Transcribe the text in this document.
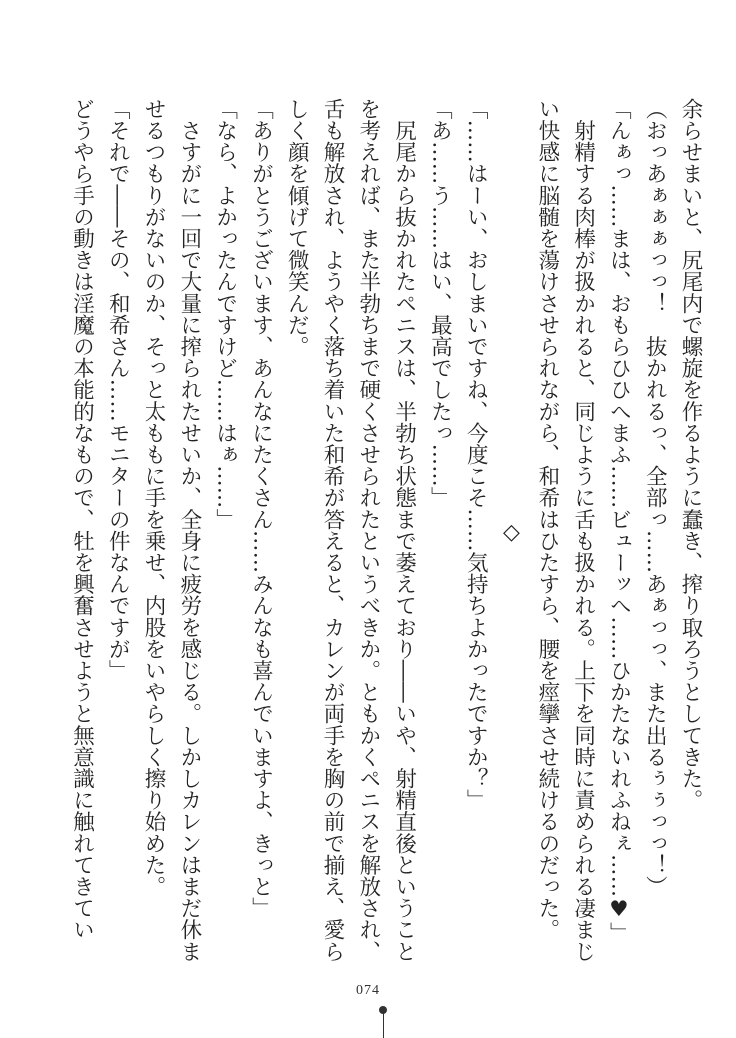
余らせまいと、尻尾内で螺旋を作るように蠢き、搾り取ろうとしてきた。
（おっあぁぁぁっっ！　抜かれるっ、全部っ……あぁっっ、また出るぅぅっっ！）
「んぁっ……まは、おもらひひへまふ……ビューッへ……ひかたないれふねぇ……♥」
　射精する肉棒が扱かれると、同じように舌も扱かれる。上下を同時に責められる凄まじ
い快感に脳髄を蕩けさせられながら、和希はひたすら、腰を痙攣させ続けるのだった。
◇
「……はーい、おしまいですね、今度こそ……気持ちよかったですか？」
「あ……う……はい、最高でしたっ……」
　尻尾から抜かれたペニスは、半勃ち状態まで萎えており――いや、射精直後ということ
を考えれば、また半勃ちまで硬くさせられたというべきか。ともかくペニスを解放され、
舌も解放され、ようやく落ち着いた和希が答えると、カレンが両手を胸の前で揃え、愛ら
しく顔を傾げて微笑んだ。
「ありがとうございます、あんなにたくさん……みんなも喜んでいますよ、きっと」
「なら、よかったんですけど……はぁ……」
　さすがに一回で大量に搾られたせいか、全身に疲労を感じる。しかしカレンはまだ休ま
せるつもりがないのか、そっと太ももに手を乗せ、内股をいやらしく擦り始めた。
「それで――その、和希さん……モニターの件なんですが」
どうやら手の動きは淫魔の本能的なもので、牡を興奮させようと無意識に触れてきてい
074
